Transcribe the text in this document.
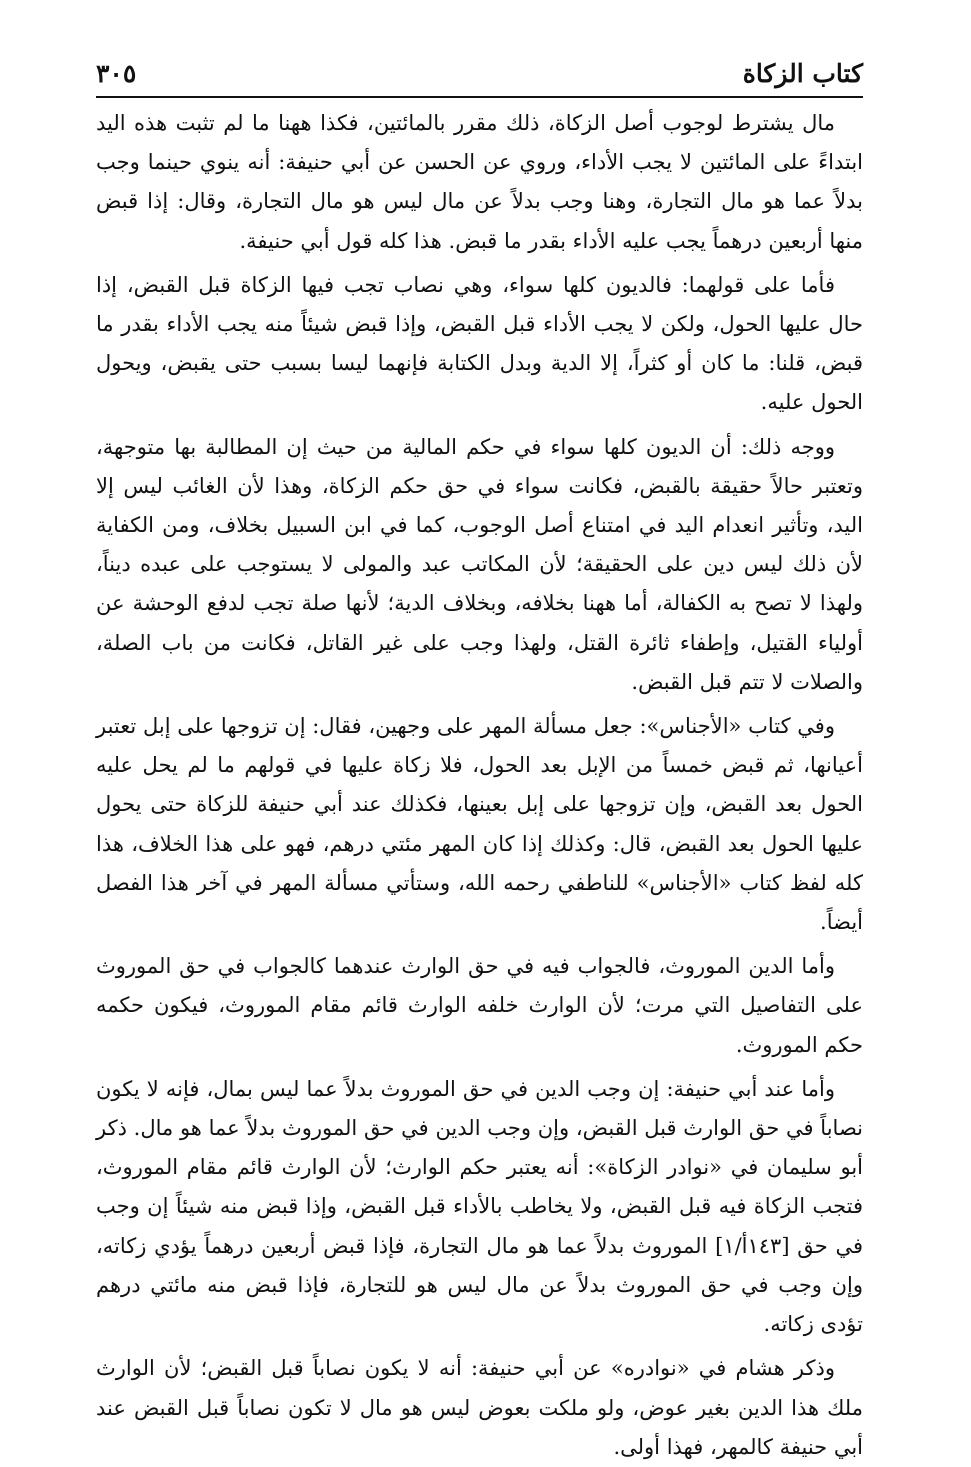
كتاب الزكاة
٣٠٥

مال يشترط لوجوب أصل الزكاة، ذلك مقرر بالمائتين، فكذا ههنا ما لم تثبت هذه اليد ابتداءً على المائتين لا يجب الأداء، وروي عن الحسن عن أبي حنيفة: أنه ينوي حينما وجب بدلاً عما هو مال التجارة، وهنا وجب بدلاً عن مال ليس هو مال التجارة، وقال: إذا قبض منها أربعين درهماً يجب عليه الأداء بقدر ما قبض. هذا كله قول أبي حنيفة.

فأما على قولهما: فالديون كلها سواء، وهي نصاب تجب فيها الزكاة قبل القبض، إذا حال عليها الحول، ولكن لا يجب الأداء قبل القبض، وإذا قبض شيئاً منه يجب الأداء بقدر ما قبض، قلنا: ما كان أو كثراً، إلا الدية وبدل الكتابة فإنهما ليسا بسبب حتى يقبض، ويحول الحول عليه.

ووجه ذلك: أن الديون كلها سواء في حكم المالية من حيث إن المطالبة بها متوجهة، وتعتبر حالاً حقيقة بالقبض، فكانت سواء في حق حكم الزكاة، وهذا لأن الغائب ليس إلا اليد، وتأثير انعدام اليد في امتناع أصل الوجوب، كما في ابن السبيل بخلاف، ومن الكفاية لأن ذلك ليس دين على الحقيقة؛ لأن المكاتب عبد والمولى لا يستوجب على عبده ديناً، ولهذا لا تصح به الكفالة، أما ههنا بخلافه، وبخلاف الدية؛ لأنها صلة تجب لدفع الوحشة عن أولياء القتيل، وإطفاء ثائرة القتل، ولهذا وجب على غير القاتل، فكانت من باب الصلة، والصلات لا تتم قبل القبض.

وفي كتاب «الأجناس»: جعل مسألة المهر على وجهين، فقال: إن تزوجها على إبل تعتبر أعيانها، ثم قبض خمساً من الإبل بعد الحول، فلا زكاة عليها في قولهم ما لم يحل عليه الحول بعد القبض، وإن تزوجها على إبل بعينها، فكذلك عند أبي حنيفة للزكاة حتى يحول عليها الحول بعد القبض، قال: وكذلك إذا كان المهر مئتي درهم، فهو على هذا الخلاف، هذا كله لفظ كتاب «الأجناس» للناطفي رحمه الله، وستأتي مسألة المهر في آخر هذا الفصل أيضاً.

وأما الدين الموروث، فالجواب فيه في حق الوارث عندهما كالجواب في حق الموروث على التفاصيل التي مرت؛ لأن الوارث خلفه الوارث قائم مقام الموروث، فيكون حكمه حكم الموروث.

وأما عند أبي حنيفة: إن وجب الدين في حق الموروث بدلاً عما ليس بمال، فإنه لا يكون نصاباً في حق الوارث قبل القبض، وإن وجب الدين في حق الموروث بدلاً عما هو مال. ذكر أبو سليمان في «نوادر الزكاة»: أنه يعتبر حكم الوارث؛ لأن الوارث قائم مقام الموروث، فتجب الزكاة فيه قبل القبض، ولا يخاطب بالأداء قبل القبض، وإذا قبض منه شيئاً إن وجب في حق [١٤٣أ/١] الموروث بدلاً عما هو مال التجارة، فإذا قبض أربعين درهماً يؤدي زكاته، وإن وجب في حق الموروث بدلاً عن مال ليس هو للتجارة، فإذا قبض منه مائتي درهم تؤدى زكاته.

وذكر هشام في «نوادره» عن أبي حنيفة: أنه لا يكون نصاباً قبل القبض؛ لأن الوارث ملك هذا الدين بغير عوض، ولو ملكت بعوض ليس هو مال لا تكون نصاباً قبل القبض عند أبي حنيفة كالمهر، فهذا أولى.
